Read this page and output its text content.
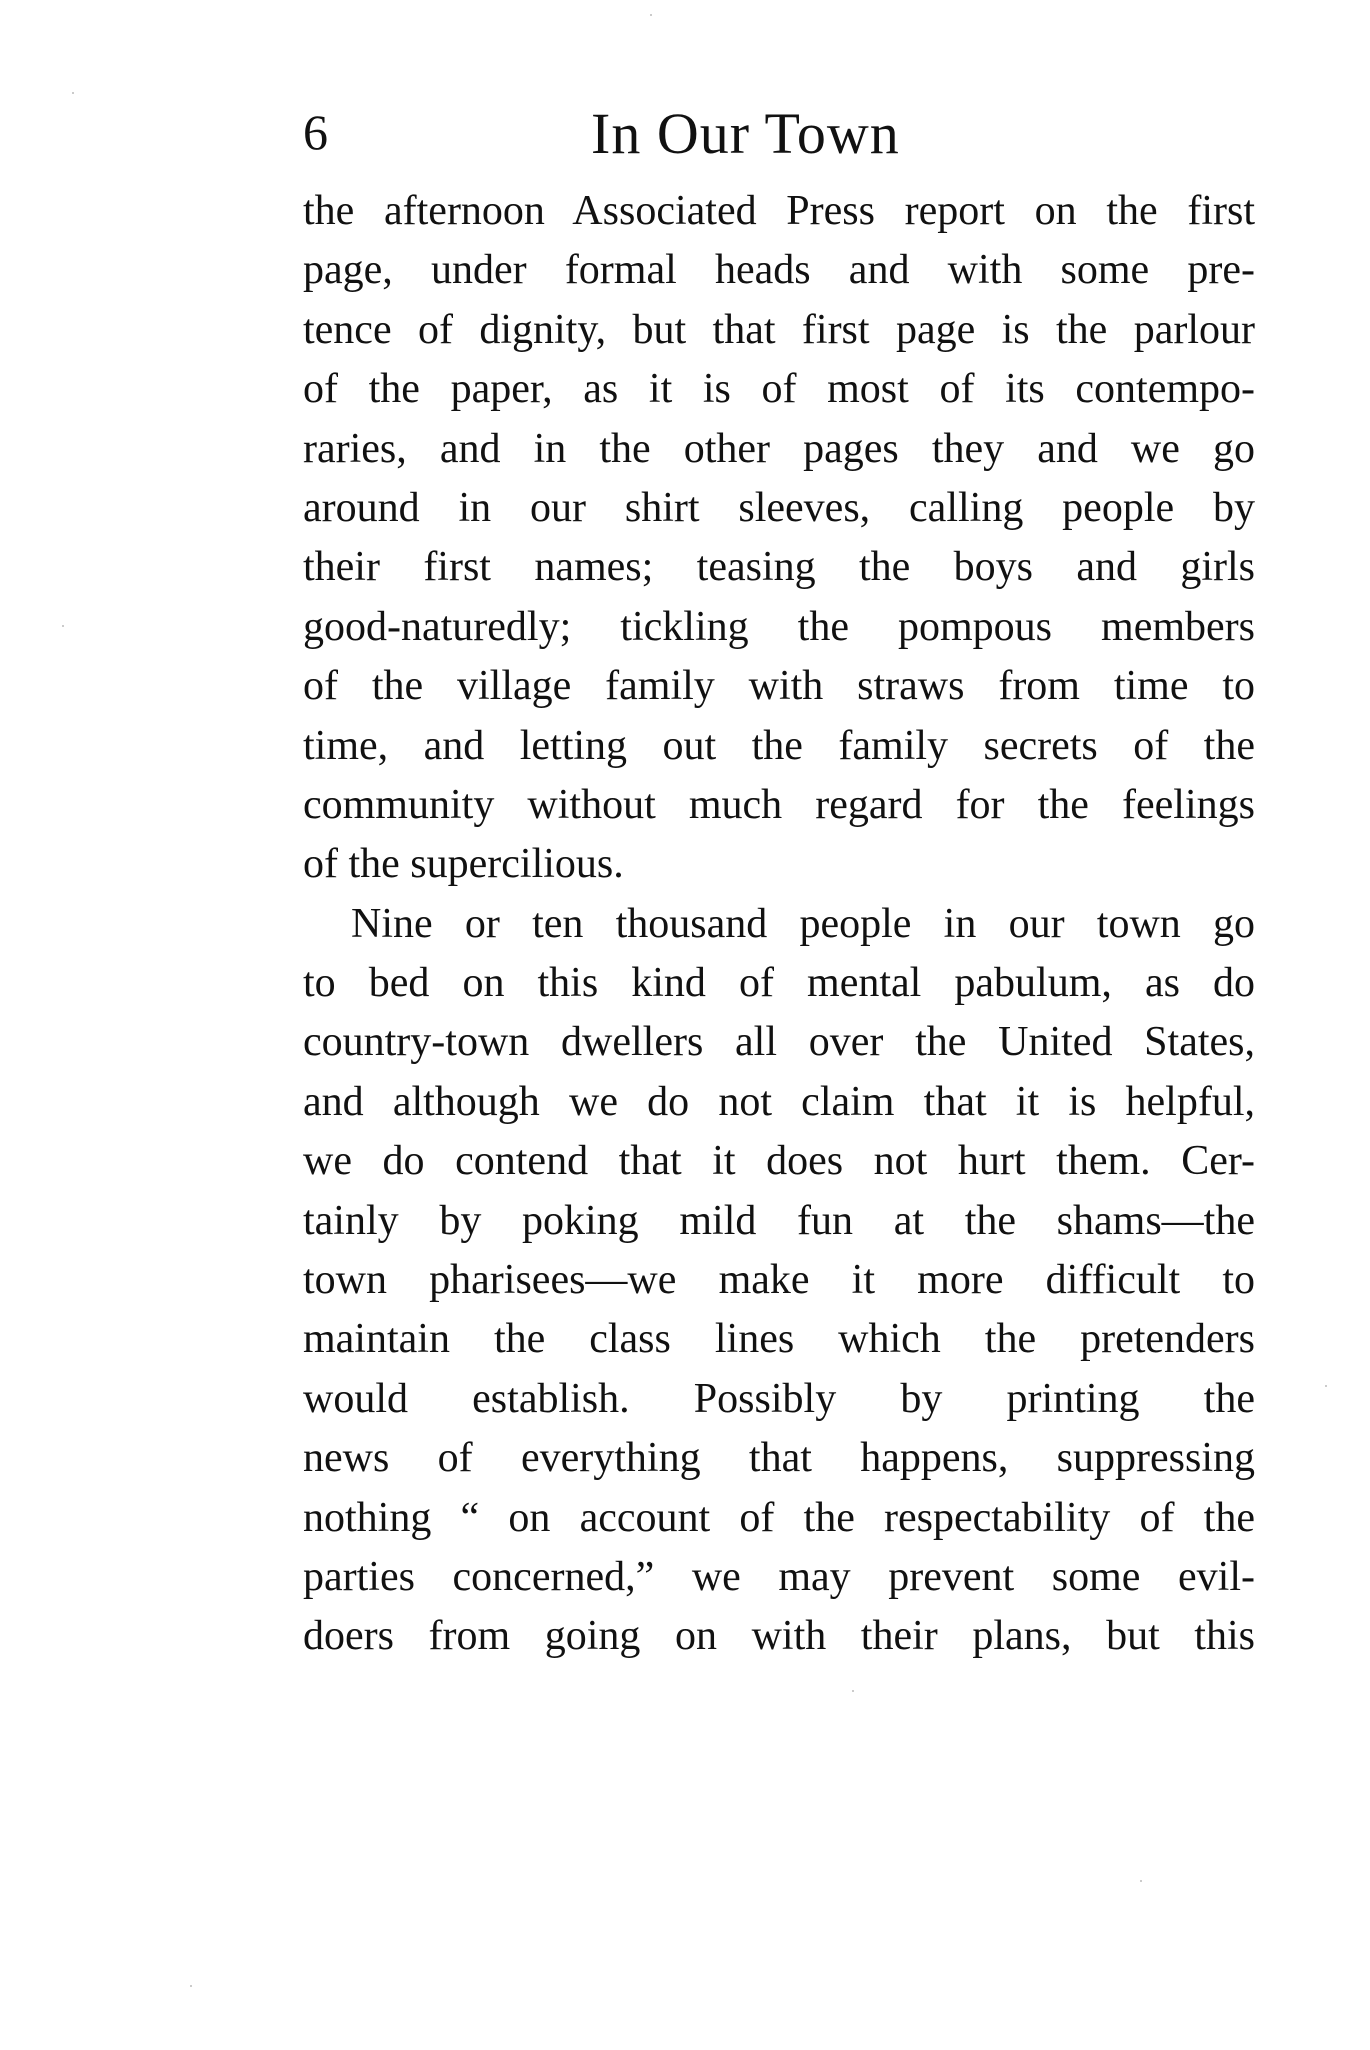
6	In Our Town
the afternoon Associated Press report on the first
page, under formal heads and with some pre-
tence of dignity, but that first page is the parlour
of the paper, as it is of most of its contempo-
raries, and in the other pages they and we go
around in our shirt sleeves, calling people by
their first names; teasing the boys and girls
good-naturedly; tickling the pompous members
of the village family with straws from time to
time, and letting out the family secrets of the
community without much regard for the feelings
of the supercilious.
Nine or ten thousand people in our town go
to bed on this kind of mental pabulum, as do
country-town dwellers all over the United States,
and although we do not claim that it is helpful,
we do contend that it does not hurt them. Cer-
tainly by poking mild fun at the shams—the
town pharisees—we make it more difficult to
maintain the class lines which the pretenders
would establish. Possibly by printing the
news of everything that happens, suppressing
nothing “ on account of the respectability of the
parties concerned,” we may prevent some evil-
doers from going on with their plans, but this
